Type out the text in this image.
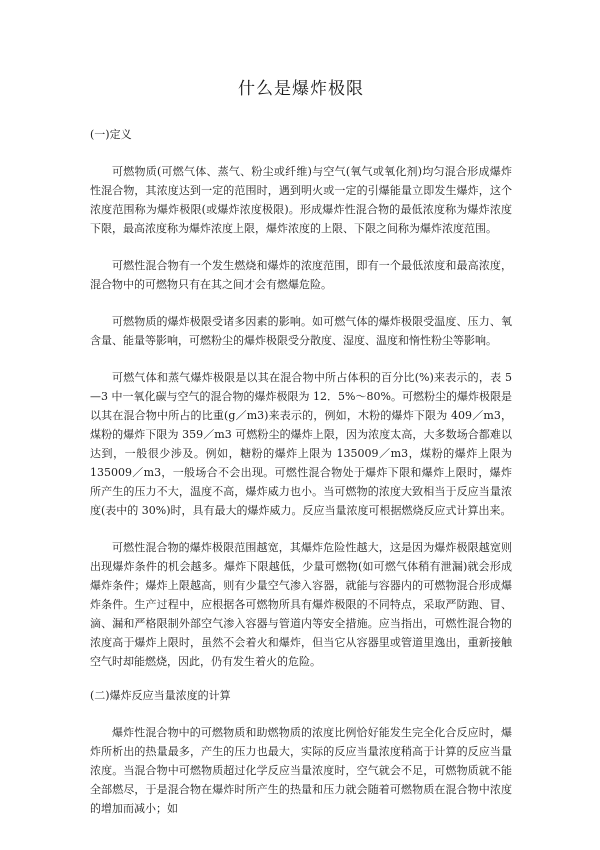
什么是爆炸极限
(一)定义

可燃物质(可燃气体、蒸气、粉尘或纤维)与空气(氧气或氧化剂)均匀混合形成爆炸性混合物，其浓度达到一定的范围时，遇到明火或一定的引爆能量立即发生爆炸，这个浓度范围称为爆炸极限(或爆炸浓度极限)。形成爆炸性混合物的最低浓度称为爆炸浓度下限，最高浓度称为爆炸浓度上限，爆炸浓度的上限、下限之间称为爆炸浓度范围。

可燃性混合物有一个发生燃烧和爆炸的浓度范围，即有一个最低浓度和最高浓度，混合物中的可燃物只有在其之间才会有燃爆危险。

可燃物质的爆炸极限受诸多因素的影响。如可燃气体的爆炸极限受温度、压力、氧含量、能量等影响，可燃粉尘的爆炸极限受分散度、湿度、温度和惰性粉尘等影响。

可燃气体和蒸气爆炸极限是以其在混合物中所占体积的百分比(%)来表示的，表 5—3 中一氧化碳与空气的混合物的爆炸极限为 12．5%～80%。可燃粉尘的爆炸极限是以其在混合物中所占的比重(g／m3)来表示的，例如，木粉的爆炸下限为 409／m3，煤粉的爆炸下限为 359／m3 可燃粉尘的爆炸上限，因为浓度太高，大多数场合都难以达到，一般很少涉及。例如，糖粉的爆炸上限为 135009／m3，煤粉的爆炸上限为 135009／m3，一般场合不会出现。可燃性混合物处于爆炸下限和爆炸上限时，爆炸所产生的压力不大，温度不高，爆炸威力也小。当可燃物的浓度大致相当于反应当量浓度(表中的 30%)时，具有最大的爆炸威力。反应当量浓度可根据燃烧反应式计算出来。

可燃性混合物的爆炸极限范围越宽，其爆炸危险性越大，这是因为爆炸极限越宽则出现爆炸条件的机会越多。爆炸下限越低，少量可燃物(如可燃气体稍有泄漏)就会形成爆炸条件；爆炸上限越高，则有少量空气渗入容器，就能与容器内的可燃物混合形成爆炸条件。生产过程中，应根据各可燃物所具有爆炸极限的不同特点，采取严防跑、冒、滴、漏和严格限制外部空气渗入容器与管道内等安全措施。应当指出，可燃性混合物的浓度高于爆炸上限时，虽然不会着火和爆炸，但当它从容器里或管道里逸出，重新接触空气时却能燃烧，因此，仍有发生着火的危险。

(二)爆炸反应当量浓度的计算

爆炸性混合物中的可燃物质和助燃物质的浓度比例恰好能发生完全化合反应时，爆炸所析出的热量最多，产生的压力也最大，实际的反应当量浓度稍高于计算的反应当量浓度。当混合物中可燃物质超过化学反应当量浓度时，空气就会不足，可燃物质就不能全部燃尽，于是混合物在爆炸时所产生的热量和压力就会随着可燃物质在混合物中浓度的增加而减小；如
